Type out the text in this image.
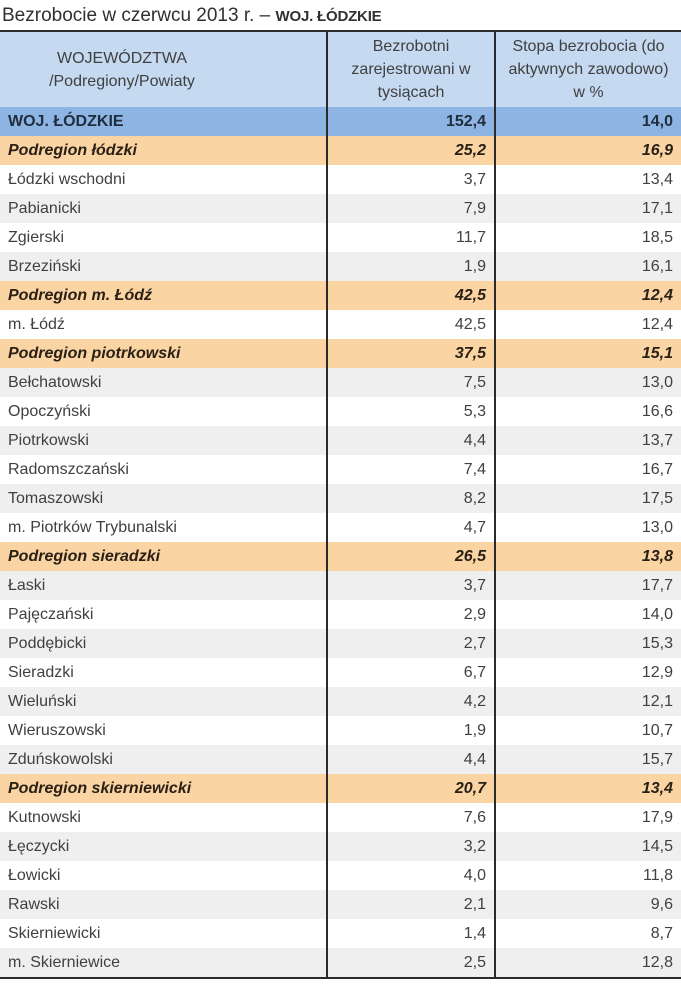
Bezrobocie w czerwcu 2013 r. – WOJ. ŁÓDZKIE
WOJEWÓDZTWA
/Podregiony/Powiaty	Bezrobotni zarejestrowani w tysiącach	Stopa bezrobocia (do aktywnych zawodowo) w %
WOJ. ŁÓDZKIE	152,4	14,0
Podregion łódzki	25,2	16,9
Łódzki wschodni	3,7	13,4
Pabianicki	7,9	17,1
Zgierski	11,7	18,5
Brzeziński	1,9	16,1
Podregion m. Łódź	42,5	12,4
m. Łódź	42,5	12,4
Podregion piotrkowski	37,5	15,1
Bełchatowski	7,5	13,0
Opoczyński	5,3	16,6
Piotrkowski	4,4	13,7
Radomszczański	7,4	16,7
Tomaszowski	8,2	17,5
m. Piotrków Trybunalski	4,7	13,0
Podregion sieradzki	26,5	13,8
Łaski	3,7	17,7
Pajęczański	2,9	14,0
Poddębicki	2,7	15,3
Sieradzki	6,7	12,9
Wieluński	4,2	12,1
Wieruszowski	1,9	10,7
Zduńskowolski	4,4	15,7
Podregion skierniewicki	20,7	13,4
Kutnowski	7,6	17,9
Łęczycki	3,2	14,5
Łowicki	4,0	11,8
Rawski	2,1	9,6
Skierniewicki	1,4	8,7
m. Skierniewice	2,5	12,8
